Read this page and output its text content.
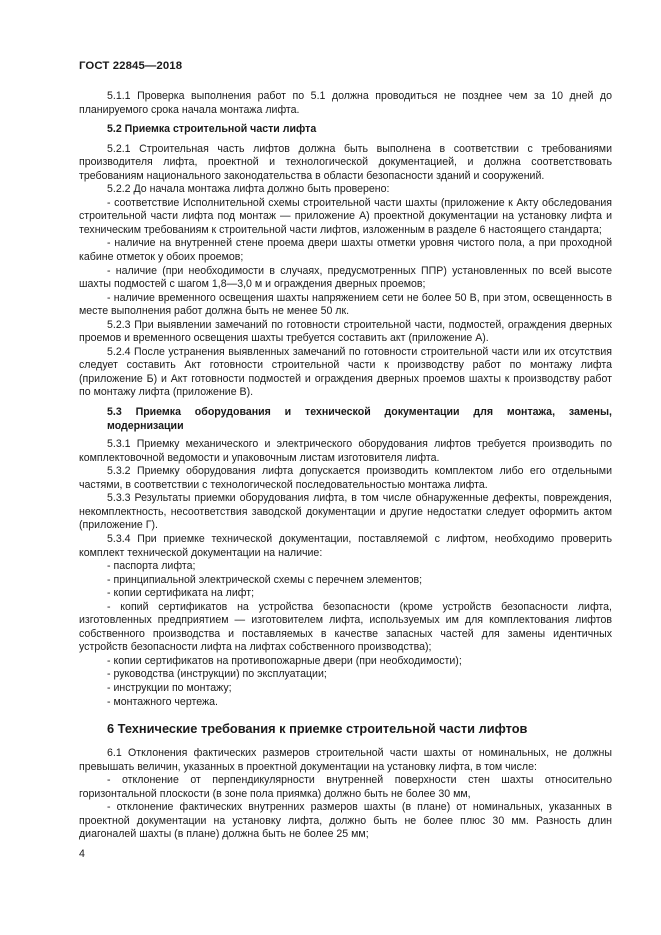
ГОСТ 22845—2018

5.1.1 Проверка выполнения работ по 5.1 должна проводиться не позднее чем за 10 дней до планируемого срока начала монтажа лифта.

5.2 Приемка строительной части лифта

5.2.1 Строительная часть лифтов должна быть выполнена в соответствии с требованиями производителя лифта, проектной и технологической документацией, и должна соответствовать требованиям национального законодательства в области безопасности зданий и сооружений.

5.2.2 До начала монтажа лифта должно быть проверено:

- соответствие Исполнительной схемы строительной части шахты (приложение к Акту обследования строительной части лифта под монтаж — приложение А) проектной документации на установку лифта и техническим требованиям к строительной части лифтов, изложенным в разделе 6 настоящего стандарта;

- наличие на внутренней стене проема двери шахты отметки уровня чистого пола, а при проходной кабине отметок у обоих проемов;

- наличие (при необходимости в случаях, предусмотренных ППР) установленных по всей высоте шахты подмостей с шагом 1,8—3,0 м и ограждения дверных проемов;

- наличие временного освещения шахты напряжением сети не более 50 В, при этом, освещенность в месте выполнения работ должна быть не менее 50 лк.

5.2.3 При выявлении замечаний по готовности строительной части, подмостей, ограждения дверных проемов и временного освещения шахты требуется составить акт (приложение А).

5.2.4 После устранения выявленных замечаний по готовности строительной части или их отсутствия следует составить Акт готовности строительной части к производству работ по монтажу лифта (приложение Б) и Акт готовности подмостей и ограждения дверных проемов шахты к производству работ по монтажу лифта (приложение В).

5.3 Приемка оборудования и технической документации для монтажа, замены,
модернизации

5.3.1 Приемку механического и электрического оборудования лифтов требуется производить по комплектовочной ведомости и упаковочным листам изготовителя лифта.

5.3.2 Приемку оборудования лифта допускается производить комплектом либо его отдельными частями, в соответствии с технологической последовательностью монтажа лифта.

5.3.3 Результаты приемки оборудования лифта, в том числе обнаруженные дефекты, повреждения, некомплектность, несоответствия заводской документации и другие недостатки следует оформить актом (приложение Г).

5.3.4 При приемке технической документации, поставляемой с лифтом, необходимо проверить комплект технической документации на наличие:

- паспорта лифта;

- принципиальной электрической схемы с перечнем элементов;

- копии сертификата на лифт;

- копий сертификатов на устройства безопасности (кроме устройств безопасности лифта, изготовленных предприятием — изготовителем лифта, используемых им для комплектования лифтов собственного производства и поставляемых в качестве запасных частей для замены идентичных устройств безопасности лифта на лифтах собственного производства);

- копии сертификатов на противопожарные двери (при необходимости);

- руководства (инструкции) по эксплуатации;

- инструкции по монтажу;

- монтажного чертежа.

6 Технические требования к приемке строительной части лифтов

6.1 Отклонения фактических размеров строительной части шахты от номинальных, не должны превышать величин, указанных в проектной документации на установку лифта, в том числе:

- отклонение от перпендикулярности внутренней поверхности стен шахты относительно горизонтальной плоскости (в зоне пола приямка) должно быть не более 30 мм,

- отклонение фактических внутренних размеров шахты (в плане) от номинальных, указанных в проектной документации на установку лифта, должно быть не более плюс 30 мм. Разность длин диагоналей шахты (в плане) должна быть не более 25 мм;

4
